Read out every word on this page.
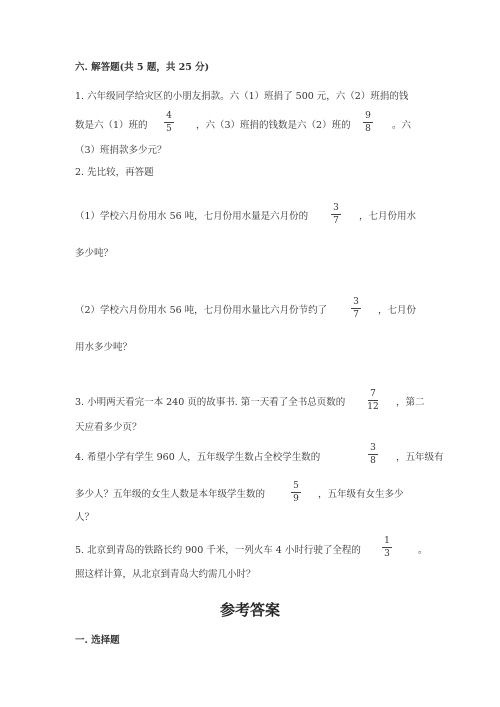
六. 解答题(共 5 题，共 25 分)
1. 六年级同学给灾区的小朋友捐款。六（1）班捐了 500 元，六（2）班捐的钱
数是六（1）班的
4
5	，六（3）班捐的钱数是六（2）班的
9
8	。六
（3）班捐款多少元？
2. 先比较，再答题
（1）学校六月份用水 56 吨，七月份用水量是六月份的
3
7	，七月份用水
多少吨？
（2）学校六月份用水 56 吨，七月份用水量比六月份节约了
3
7	，七月份
用水多少吨？
3. 小明两天看完一本 240 页的故事书. 第一天看了全书总页数的
7
12	，第二
天应看多少页？
4. 希望小学有学生 960 人，五年级学生数占全校学生数的
3
8	，五年级有
多少人？五年级的女生人数是本年级学生数的
5
9	，五年级有女生多少
人？
5. 北京到青岛的铁路长约 900 千米，一列火车 4 小时行驶了全程的
1
3	。
照这样计算，从北京到青岛大约需几小时？
参考答案
一. 选择题
